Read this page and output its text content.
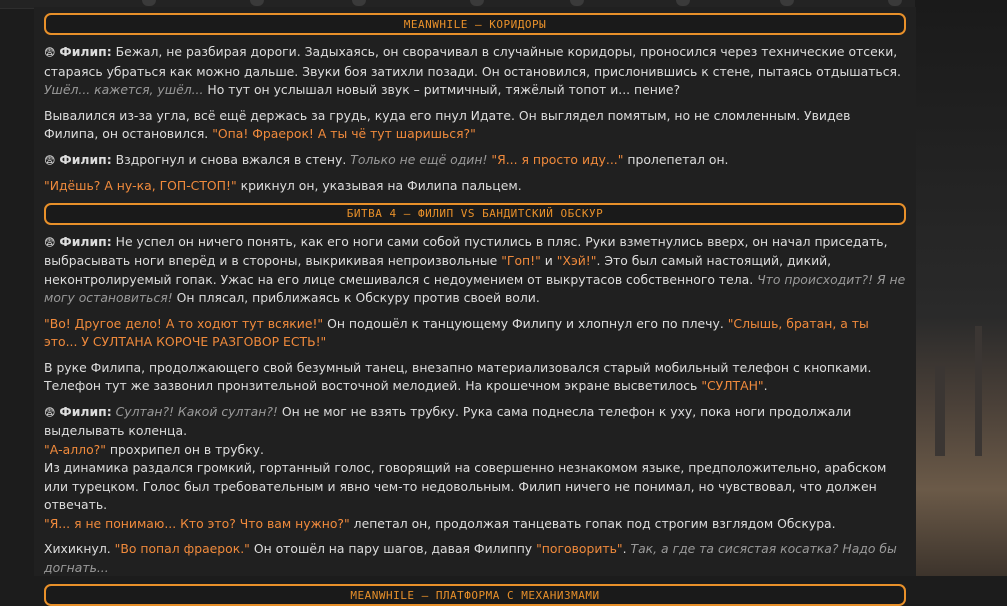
MEANWHILE – КОРИДОРЫ

😨 Филип: Бежал, не разбирая дороги. Задыхаясь, он сворачивал в случайные коридоры, проносился через технические отсеки, стараясь убраться как можно дальше. Звуки боя затихли позади. Он остановился, прислонившись к стене, пытаясь отдышаться. Ушёл... кажется, ушёл... Но тут он услышал новый звук – ритмичный, тяжёлый топот и... пение?

Вывалился из-за угла, всё ещё держась за грудь, куда его пнул Идате. Он выглядел помятым, но не сломленным. Увидев Филипа, он остановился. "Опа! Фраерок! А ты чё тут шаришься?"

😨 Филип: Вздрогнул и снова вжался в стену. Только не ещё один! "Я... я просто иду..." пролепетал он.

"Идёшь? А ну-ка, ГОП-СТОП!" крикнул он, указывая на Филипа пальцем.

БИТВА 4 – ФИЛИП VS БАНДИТСКИЙ ОБСКУР

😨 Филип: Не успел он ничего понять, как его ноги сами собой пустились в пляс. Руки взметнулись вверх, он начал приседать, выбрасывать ноги вперёд и в стороны, выкрикивая непроизвольные "Гоп!" и "Хэй!". Это был самый настоящий, дикий, неконтролируемый гопак. Ужас на его лице смешивался с недоумением от выкрутасов собственного тела. Что происходит?! Я не могу остановиться! Он плясал, приближаясь к Обскуру против своей воли.

"Во! Другое дело! А то ходют тут всякие!" Он подошёл к танцующему Филипу и хлопнул его по плечу. "Слышь, братан, а ты это... У СУЛТАНА КОРОЧЕ РАЗГОВОР ЕСТЬ!"

В руке Филипа, продолжающего свой безумный танец, внезапно материализовался старый мобильный телефон с кнопками. Телефон тут же зазвонил пронзительной восточной мелодией. На крошечном экране высветилось "СУЛТАН".

😨 Филип: Султан?! Какой султан?! Он не мог не взять трубку. Рука сама поднесла телефон к уху, пока ноги продолжали выделывать коленца.
"А-алло?" прохрипел он в трубку.

Из динамика раздался громкий, гортанный голос, говорящий на совершенно незнакомом языке, предположительно, арабском или турецком. Голос был требовательным и явно чем-то недовольным. Филип ничего не понимал, но чувствовал, что должен отвечать.
"Я... я не понимаю... Кто это? Что вам нужно?" лепетал он, продолжая танцевать гопак под строгим взглядом Обскура.

Хихикнул. "Во попал фраерок." Он отошёл на пару шагов, давая Филиппу "поговорить". Так, а где та сисястая косатка? Надо бы догнать...

MEANWHILE – ПЛАТФОРМА С МЕХАНИЗМАМИ
